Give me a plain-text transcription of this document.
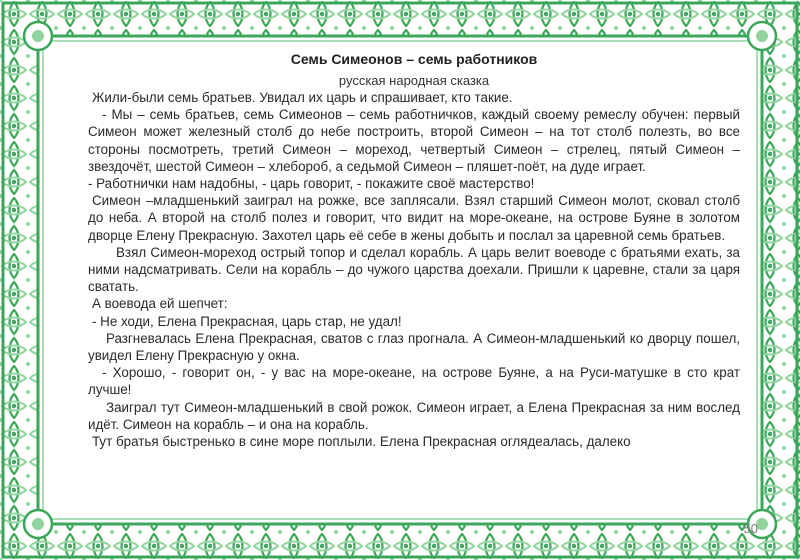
Семь Симеонов – семь работников

русская народная сказка

Жили-были семь братьев. Увидал их царь и спрашивает, кто такие.

- Мы – семь братьев, семь Симеонов – семь работничков, каждый своему ремеслу обучен: первый Симеон может железный столб до небе построить, второй Симеон – на тот столб полезть, во все стороны посмотреть, третий Симеон – мореход, четвертый Симеон – стрелец, пятый Симеон – звездочёт, шестой Симеон – хлебороб, а седьмой Симеон – пляшет-поёт, на дуде играет.

- Работнички нам надобны, - царь говорит, - покажите своё мастерство!

Симеон –младшенький заиграл на рожке, все заплясали. Взял старший Симеон молот, сковал столб до неба. А второй на столб полез и говорит, что видит на море-океане, на острове Буяне в золотом дворце Елену Прекрасную. Захотел царь её себе в жены добыть и послал за царевной семь братьев.

Взял Симеон-мореход острый топор и сделал корабль. А царь велит воеводе с братьями ехать, за ними надсматривать. Сели на корабль – до чужого царства доехали. Пришли к царевне, стали за царя сватать.

А воевода ей шепчет:

- Не ходи, Елена Прекрасная, царь стар, не удал!

Разгневалась Елена Прекрасная, сватов с глаз прогнала. А Симеон-младшенький ко дворцу пошел, увидел Елену Прекрасную у окна.

- Хорошо, - говорит он, - у вас на море-океане, на острове Буяне, а на Руси-матушке в сто крат лучше!

Заиграл тут Симеон-младшенький в свой рожок. Симеон играет, а Елена Прекрасная за ним вослед идёт. Симеон на корабль – и она на корабль.

Тут братья быстренько в сине море поплыли. Елена Прекрасная оглядеалась, далеко

50
